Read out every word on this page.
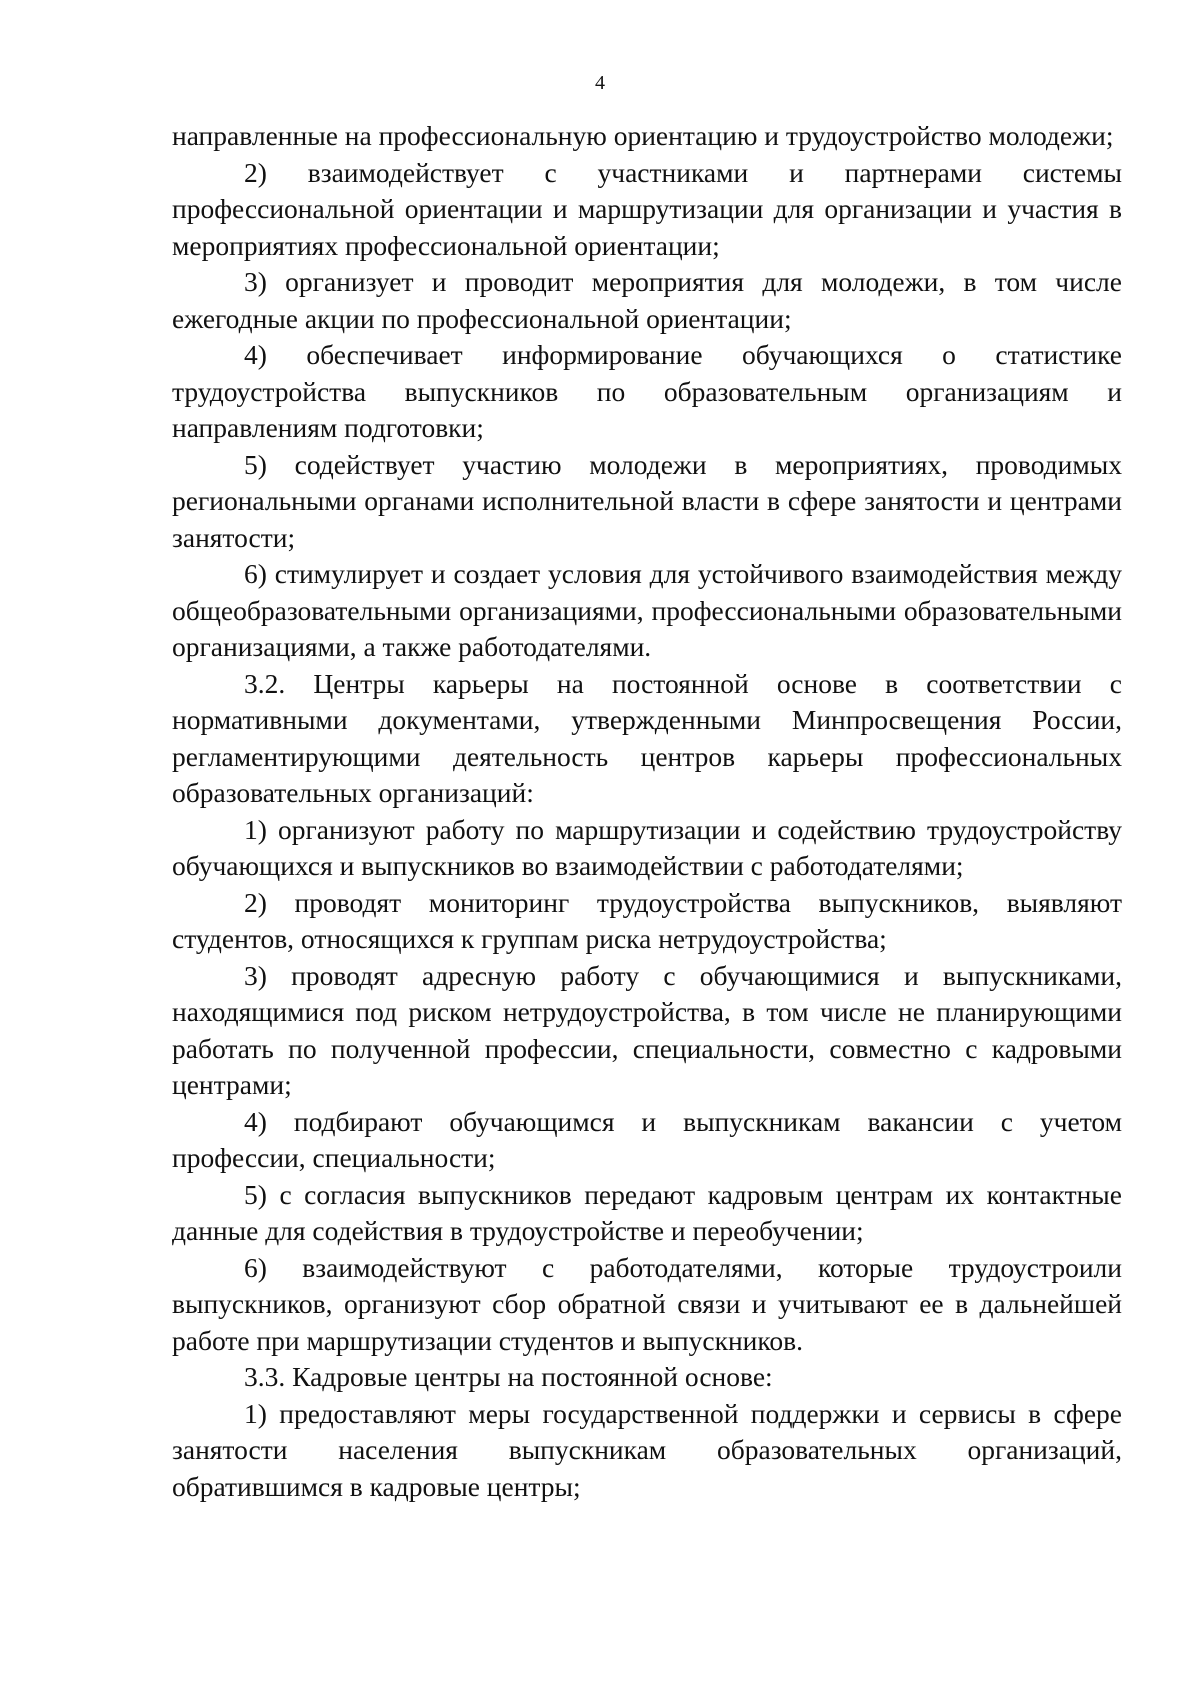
4

направленные на профессиональную ориентацию и трудоустройство молодежи;

2) взаимодействует с участниками и партнерами системы профессиональной ориентации и маршрутизации для организации и участия в мероприятиях профессиональной ориентации;

3) организует и проводит мероприятия для молодежи, в том числе ежегодные акции по профессиональной ориентации;

4) обеспечивает информирование обучающихся о статистике трудоустройства выпускников по образовательным организациям и направлениям подготовки;

5) содействует участию молодежи в мероприятиях, проводимых региональными органами исполнительной власти в сфере занятости и центрами занятости;

6) стимулирует и создает условия для устойчивого взаимодействия между общеобразовательными организациями, профессиональными образовательными организациями, а также работодателями.

3.2. Центры карьеры на постоянной основе в соответствии с нормативными документами, утвержденными Минпросвещения России, регламентирующими деятельность центров карьеры профессиональных образовательных организаций:

1) организуют работу по маршрутизации и содействию трудоустройству обучающихся и выпускников во взаимодействии с работодателями;

2) проводят мониторинг трудоустройства выпускников, выявляют студентов, относящихся к группам риска нетрудоустройства;

3) проводят адресную работу с обучающимися и выпускниками, находящимися под риском нетрудоустройства, в том числе не планирующими работать по полученной профессии, специальности, совместно с кадровыми центрами;

4) подбирают обучающимся и выпускникам вакансии с учетом профессии, специальности;

5) с согласия выпускников передают кадровым центрам их контактные данные для содействия в трудоустройстве и переобучении;

6) взаимодействуют с работодателями, которые трудоустроили выпускников, организуют сбор обратной связи и учитывают ее в дальнейшей работе при маршрутизации студентов и выпускников.

3.3. Кадровые центры на постоянной основе:

1) предоставляют меры государственной поддержки и сервисы в сфере занятости населения выпускникам образовательных организаций, обратившимся в кадровые центры;
